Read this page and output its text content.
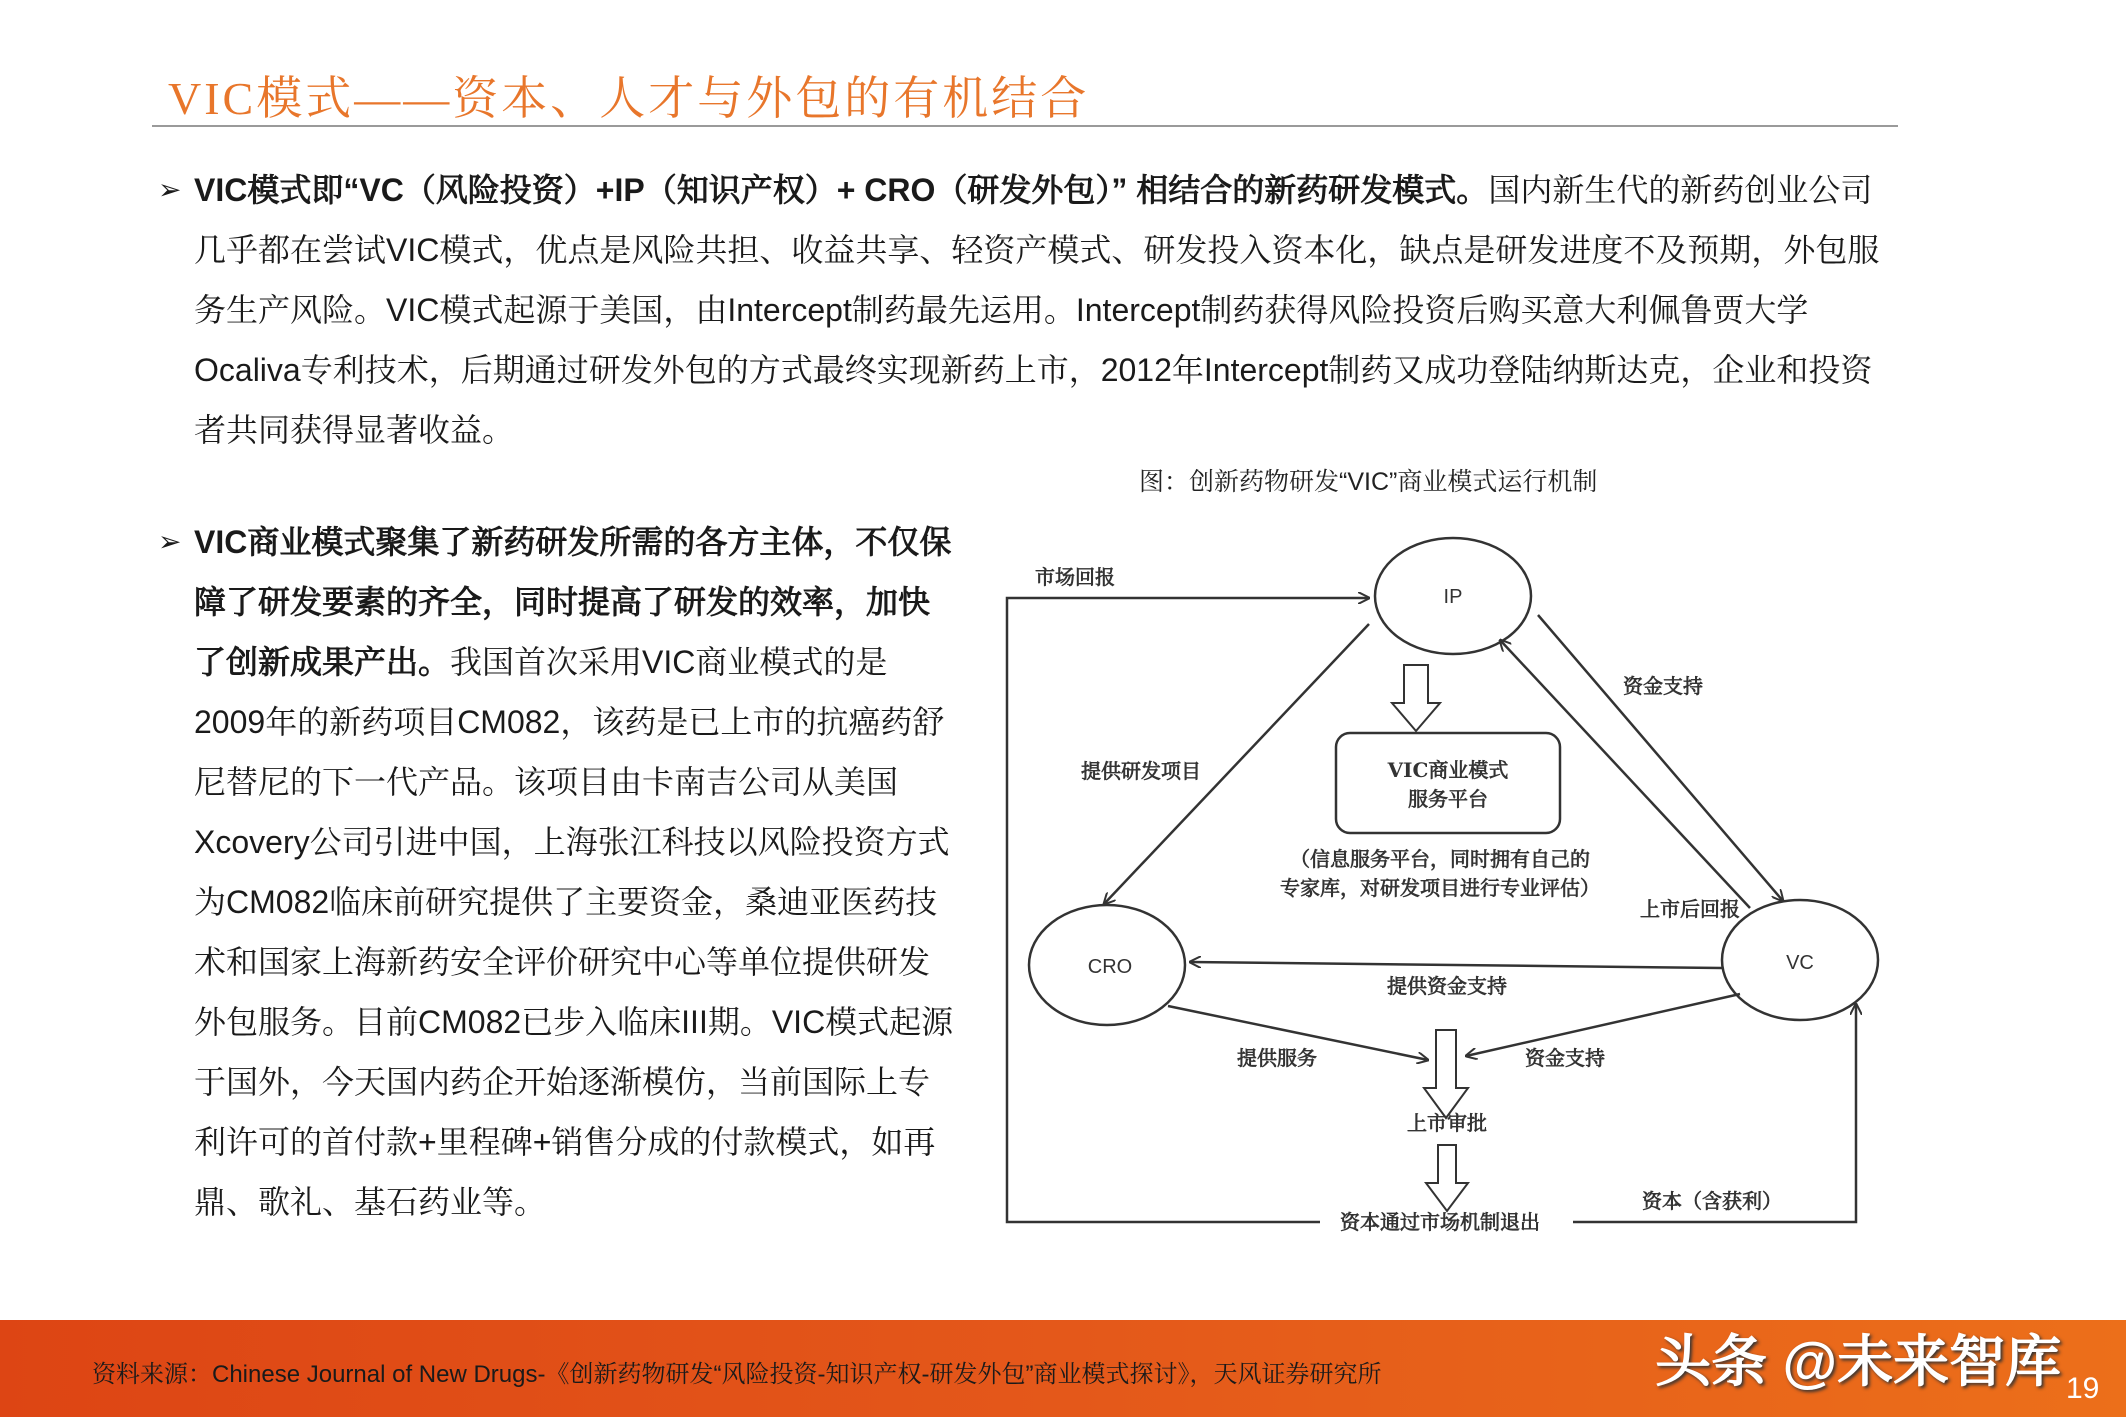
VIC模式——资本、人才与外包的有机结合
➢ VIC模式即“VC（风险投资）+IP（知识产权）+ CRO（研发外包）” 相结合的新药研发模式。国内新生代的新药创业公司几乎都在尝试VIC模式，优点是风险共担、收益共享、轻资产模式、研发投入资本化，缺点是研发进度不及预期，外包服务生产风险。VIC模式起源于美国，由Intercept制药最先运用。Intercept制药获得风险投资后购买意大利佩鲁贾大学Ocaliva专利技术，后期通过研发外包的方式最终实现新药上市，2012年Intercept制药又成功登陆纳斯达克，企业和投资者共同获得显著收益。
图：创新药物研发“VIC”商业模式运行机制
➢ VIC商业模式聚集了新药研发所需的各方主体，不仅保障了研发要素的齐全，同时提高了研发的效率，加快了创新成果产出。我国首次采用VIC商业模式的是2009年的新药项目CM082，该药是已上市的抗癌药舒尼替尼的下一代产品。该项目由卡南吉公司从美国Xcovery公司引进中国，上海张江科技以风险投资方式为CM082临床前研究提供了主要资金，桑迪亚医药技术和国家上海新药安全评价研究中心等单位提供研发外包服务。目前CM082已步入临床III期。VIC模式起源于国外，今天国内药企开始逐渐模仿，当前国际上专利许可的首付款+里程碑+销售分成的付款模式，如再鼎、歌礼、基石药业等。
IP
CRO	VC
VIC商业模式
服务平台
（信息服务平台，同时拥有自己的
专家库，对研发项目进行专业评估）
市场回报
提供研发项目
资金支持
上市后回报
提供资金支持
提供服务	资金支持
上市审批
资本通过市场机制退出
资本（含获利）
资料来源：Chinese Journal of New Drugs-《创新药物研发“风险投资-知识产权-研发外包”商业模式探讨》，天风证券研究所	头条 @未来智库 19
